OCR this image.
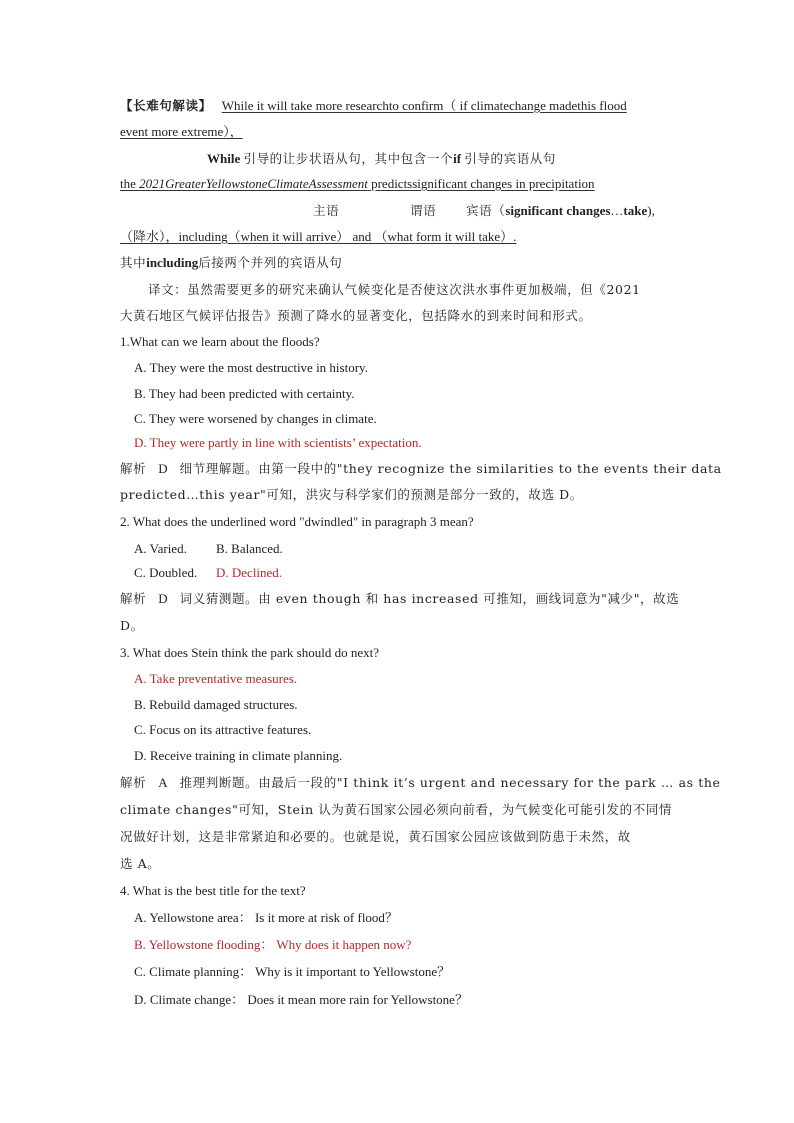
【长难句解读】 While it will take more researchto confirm（ if climatechange madethis flood
event more extreme），
While 引导的让步状语从句，其中包含一个if 引导的宾语从句
the 2021GreaterYellowstoneClimateAssessment predictssignificant changes in precipitation
主语	谓语 宾语（significant changes…take),
（降水），including（when it will arrive） and （what form it will take）.
其中including后接两个并列的宾语从句
译文：虽然需要更多的研究来确认气候变化是否使这次洪水事件更加极端，但《2021
大黄石地区气候评估报告》预测了降水的显著变化，包括降水的到来时间和形式。
1.What can we learn about the floods?
A. They were the most destructive in history.
B. They had been predicted with certainty.
C. They were worsened by changes in climate.
D. They were partly in line with scientists’ expectation.
解析 D 细节理解题。由第一段中的"they recognize the similarities to the events their data
predicted…this year"可知，洪灾与科学家们的预测是部分一致的，故选 D。
2. What does the underlined word "dwindled" in paragraph 3 mean?
A. Varied. B. Balanced.
C. Doubled. D. Declined.
解析 D 词义猜测题。由 even though 和 has increased 可推知，画线词意为"减少"，故选
D。
3. What does Stein think the park should do next?
A. Take preventative measures.
B. Rebuild damaged structures.
C. Focus on its attractive features.
D. Receive training in climate planning.
解析 A 推理判断题。由最后一段的"I think it’s urgent and necessary for the park … as the
climate changes"可知，Stein 认为黄石国家公园必须向前看，为气候变化可能引发的不同情
况做好计划，这是非常紧迫和必要的。也就是说，黄石国家公园应该做到防患于未然，故
选 A。
4. What is the best title for the text?
A. Yellowstone area： Is it more at risk of flood？
B. Yellowstone flooding： Why does it happen now?
C. Climate planning： Why is it important to Yellowstone？
D. Climate change： Does it mean more rain for Yellowstone？
